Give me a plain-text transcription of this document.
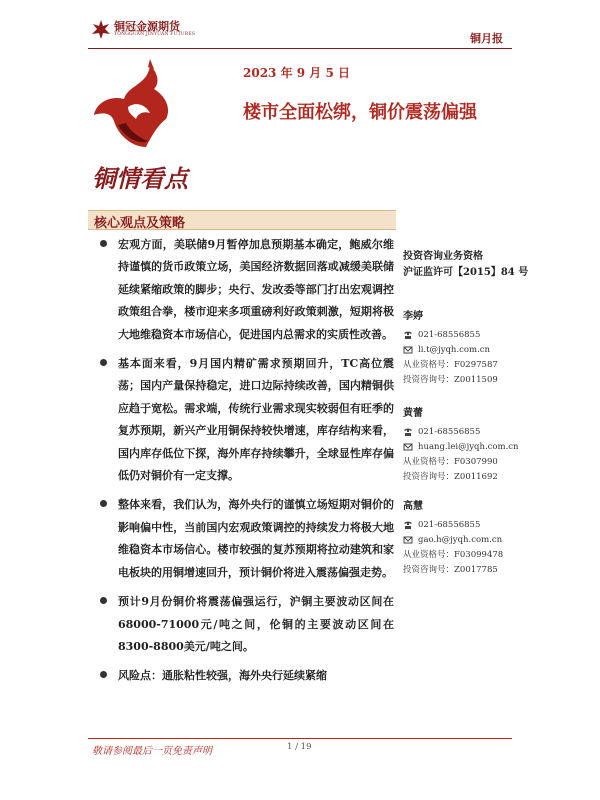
铜冠金源期货
TONGGUAN JINYUAN FUTURES	铜月报
铜情看点
2023 年 9 月 5 日
楼市全面松绑，铜价震荡偏强
核心观点及策略
宏观方面，美联储9月暂停加息预期基本确定，鲍威尔维持谨慎的货币政策立场，美国经济数据回落或减缓美联储延续紧缩政策的脚步；央行、发改委等部门打出宏观调控政策组合拳，楼市迎来多项重磅利好政策刺激，短期将极大地维稳资本市场信心，促进国内总需求的实质性改善。
基本面来看，9月国内精矿需求预期回升，TC高位震荡；国内产量保持稳定，进口边际持续改善，国内精铜供应趋于宽松。需求端，传统行业需求现实较弱但有旺季的复苏预期，新兴产业用铜保持较快增速，库存结构来看，国内库存低位下探，海外库存持续攀升，全球显性库存偏低仍对铜价有一定支撑。
整体来看，我们认为，海外央行的谨慎立场短期对铜价的影响偏中性，当前国内宏观政策调控的持续发力将极大地维稳资本市场信心。楼市较强的复苏预期将拉动建筑和家电板块的用铜增速回升，预计铜价将进入震荡偏强走势。
预计9月份铜价将震荡偏强运行，沪铜主要波动区间在68000-71000元/吨之间，伦铜的主要波动区间在8300-8800美元/吨之间。
风险点：通胀粘性较强，海外央行延续紧缩
投资咨询业务资格
沪证监许可【2015】84 号
李婷
021-68556855
li.t@jyqh.com.cn
从业资格号：F0297587
投资咨询号：Z0011509
黄蕾
021-68556855
huang.lei@jyqh.com.cn
从业资格号：F0307990
投资咨询号：Z0011692
高慧
021-68556855
gao.h@jyqh.com.cn
从业资格号：F03099478
投资咨询号：Z0017785
敬请参阅最后一页免责声明	1 / 19
